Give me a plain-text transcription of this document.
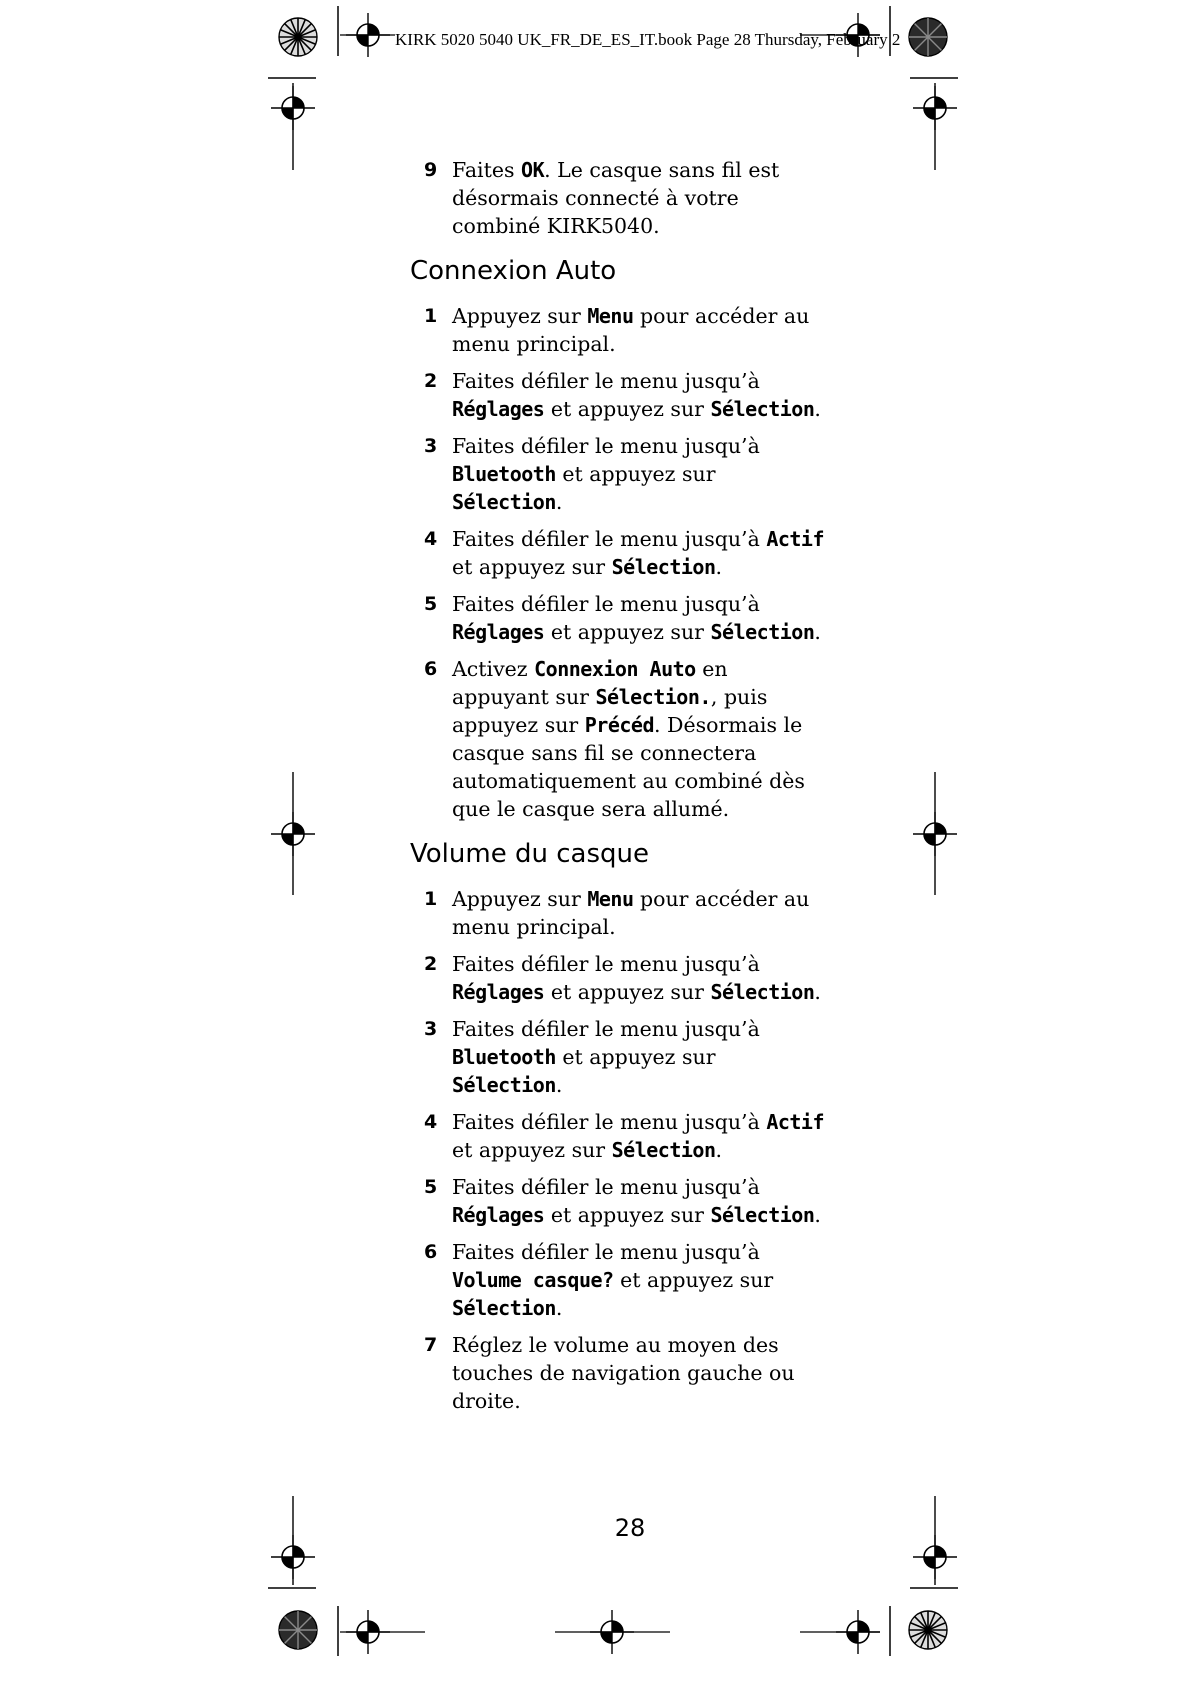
KIRK 5020 5040 UK_FR_DE_ES_IT.book Page 28 Thursday, February 2
9 Faites OK. Le casque sans fil est désormais connecté à votre combiné KIRK5040.
Connexion Auto
1 Appuyez sur Menu pour accéder au menu principal.
2 Faites défiler le menu jusqu’à Réglages et appuyez sur Sélection.
3 Faites défiler le menu jusqu’à Bluetooth et appuyez sur Sélection.
4 Faites défiler le menu jusqu’à Actif et appuyez sur Sélection.
5 Faites défiler le menu jusqu’à Réglages et appuyez sur Sélection.
6 Activez Connexion Auto en appuyant sur Sélection., puis appuyez sur Précéd. Désormais le casque sans fil se connectera automatiquement au combiné dès que le casque sera allumé.
Volume du casque
1 Appuyez sur Menu pour accéder au menu principal.
2 Faites défiler le menu jusqu’à Réglages et appuyez sur Sélection.
3 Faites défiler le menu jusqu’à Bluetooth et appuyez sur Sélection.
4 Faites défiler le menu jusqu’à Actif et appuyez sur Sélection.
5 Faites défiler le menu jusqu’à Réglages et appuyez sur Sélection.
6 Faites défiler le menu jusqu’à Volume casque? et appuyez sur Sélection.
7 Réglez le volume au moyen des touches de navigation gauche ou droite.
28
